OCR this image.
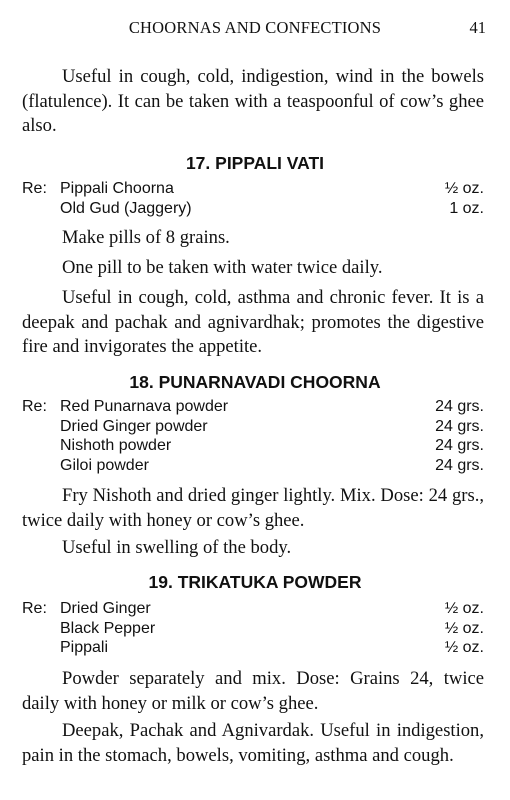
CHOORNAS AND CONFECTIONS	41

Useful in cough, cold, indigestion, wind in the bowels (flatulence). It can be taken with a teaspoonful of cow’s ghee also.

17. PIPPALI VATI
Re: Pippali Choorna	½ oz.
Old Gud (Jaggery)	1 oz.

Make pills of 8 grains.

One pill to be taken with water twice daily.

Useful in cough, cold, asthma and chronic fever. It is a deepak and pachak and agnivardhak; promotes the digestive fire and invigorates the appetite.

18. PUNARNAVADI CHOORNA
Re: Red Punarnava powder	24 grs.
Dried Ginger powder	24 grs.
Nishoth powder	24 grs.
Giloi powder	24 grs.

Fry Nishoth and dried ginger lightly. Mix. Dose: 24 grs., twice daily with honey or cow’s ghee.

Useful in swelling of the body.

19. TRIKATUKA POWDER
Re: Dried Ginger	½ oz.
Black Pepper	½ oz.
Pippali	½ oz.

Powder separately and mix. Dose: Grains 24, twice daily with honey or milk or cow’s ghee.

Deepak, Pachak and Agnivardak. Useful in indigestion, pain in the stomach, bowels, vomiting, asthma and cough.
